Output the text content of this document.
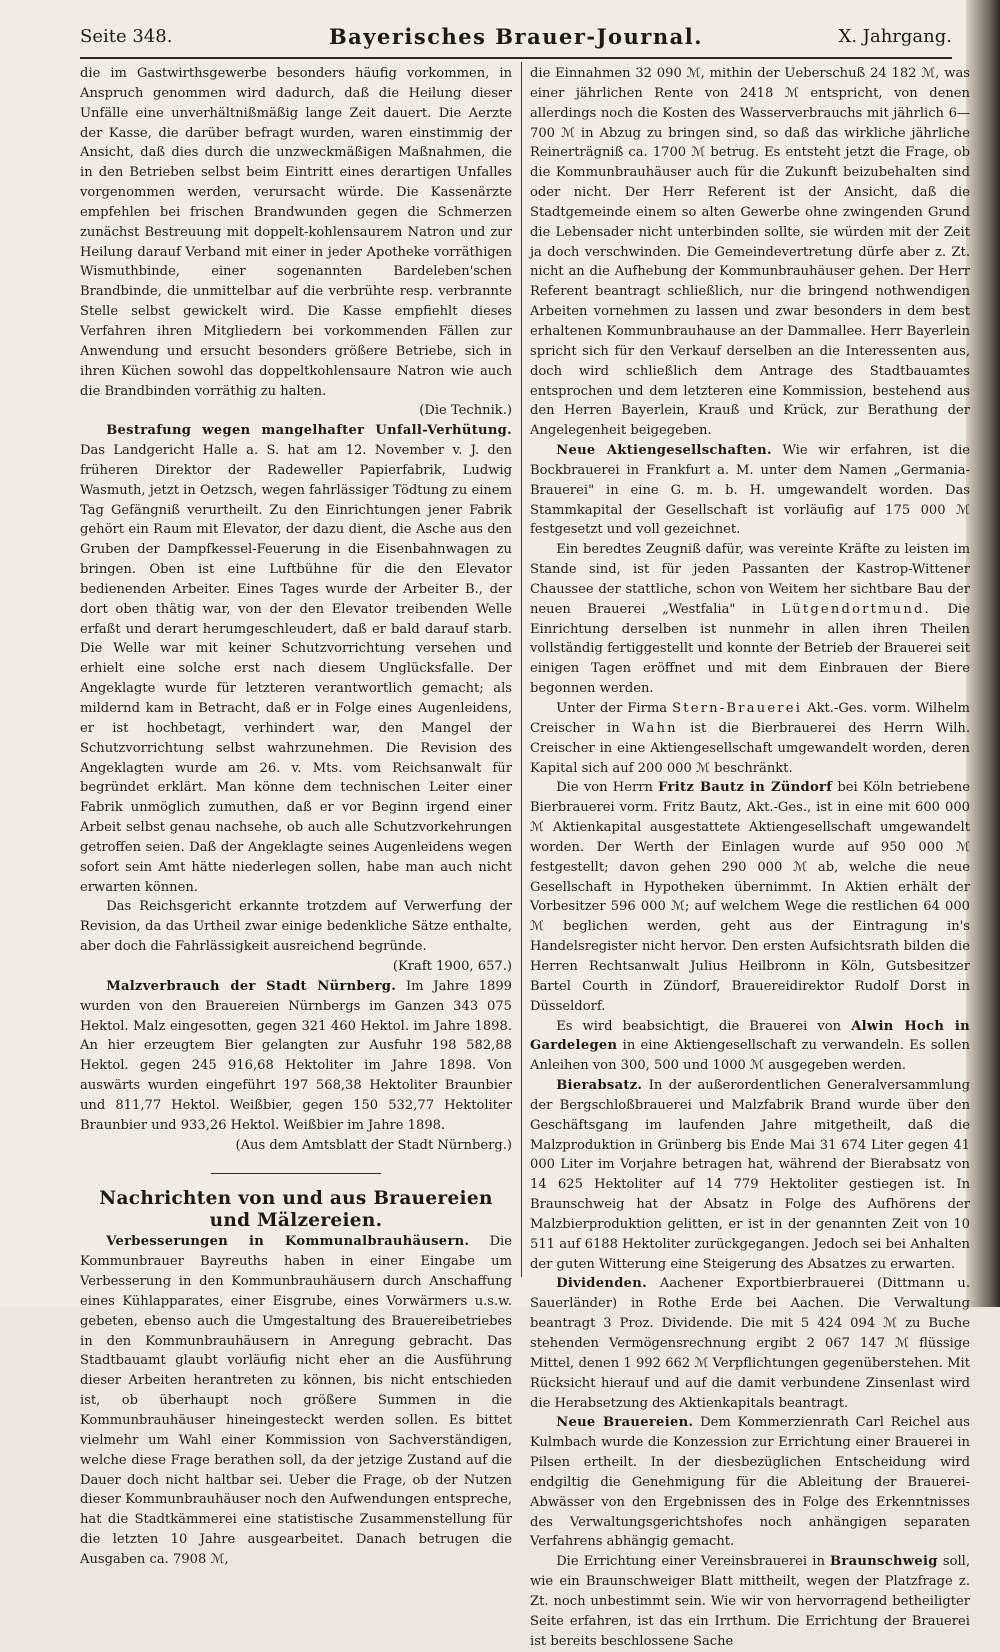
Seite 348.	Bayerisches Brauer-Journal.	X. Jahrgang.

die im Gastwirthsgewerbe besonders häufig vorkommen, in Anspruch genommen wird dadurch, daß die Heilung dieser Unfälle eine unverhältnißmäßig lange Zeit dauert. Die Aerzte der Kasse, die darüber befragt wurden, waren einstimmig der Ansicht, daß dies durch die unzweckmäßigen Maßnahmen, die in den Betrieben selbst beim Eintritt eines derartigen Unfalles vorgenommen werden, verursacht würde. Die Kassenärzte empfehlen bei frischen Brandwunden gegen die Schmerzen zunächst Bestreuung mit doppelt-kohlensaurem Natron und zur Heilung darauf Verband mit einer in jeder Apotheke vorräthigen Wismuthbinde, einer sogenannten Bardeleben'schen Brandbinde, die unmittelbar auf die verbrühte resp. verbrannte Stelle selbst gewickelt wird. Die Kasse empfiehlt dieses Verfahren ihren Mitgliedern bei vorkommenden Fällen zur Anwendung und ersucht besonders größere Betriebe, sich in ihren Küchen sowohl das doppeltkohlensaure Natron wie auch die Brandbinden vorräthig zu halten.

(Die Technik.)

Bestrafung wegen mangelhafter Unfall-Verhütung. Das Landgericht Halle a. S. hat am 12. November v. J. den früheren Direktor der Radeweller Papierfabrik, Ludwig Wasmuth, jetzt in Oetzsch, wegen fahrlässiger Tödtung zu einem Tag Gefängniß verurtheilt. Zu den Einrichtungen jener Fabrik gehört ein Raum mit Elevator, der dazu dient, die Asche aus den Gruben der Dampfkessel-Feuerung in die Eisenbahnwagen zu bringen. Oben ist eine Luftbühne für die den Elevator bedienenden Arbeiter. Eines Tages wurde der Arbeiter B., der dort oben thätig war, von der den Elevator treibenden Welle erfaßt und derart herumgeschleudert, daß er bald darauf starb. Die Welle war mit keiner Schutzvorrichtung versehen und erhielt eine solche erst nach diesem Unglücksfalle. Der Angeklagte wurde für letzteren verantwortlich gemacht; als mildernd kam in Betracht, daß er in Folge eines Augenleidens, er ist hochbetagt, verhindert war, den Mangel der Schutzvorrichtung selbst wahrzunehmen. Die Revision des Angeklagten wurde am 26. v. Mts. vom Reichsanwalt für begründet erklärt. Man könne dem technischen Leiter einer Fabrik unmöglich zumuthen, daß er vor Beginn irgend einer Arbeit selbst genau nachsehe, ob auch alle Schutzvorkehrungen getroffen seien. Daß der Angeklagte seines Augenleidens wegen sofort sein Amt hätte niederlegen sollen, habe man auch nicht erwarten können.

Das Reichsgericht erkannte trotzdem auf Verwerfung der Revision, da das Urtheil zwar einige bedenkliche Sätze enthalte, aber doch die Fahrlässigkeit ausreichend begründe.

(Kraft 1900, 657.)

Malzverbrauch der Stadt Nürnberg. Im Jahre 1899 wurden von den Brauereien Nürnbergs im Ganzen 343 075 Hektol. Malz eingesotten, gegen 321 460 Hektol. im Jahre 1898. An hier erzeugtem Bier gelangten zur Ausfuhr 198 582,88 Hektol. gegen 245 916,68 Hektoliter im Jahre 1898. Von auswärts wurden eingeführt 197 568,38 Hektoliter Braunbier und 811,77 Hektol. Weißbier, gegen 150 532,77 Hektoliter Braunbier und 933,26 Hektol. Weißbier im Jahre 1898.

(Aus dem Amtsblatt der Stadt Nürnberg.)

Nachrichten von und aus Brauereien und Mälzereien.

Verbesserungen in Kommunalbrauhäusern. Die Kommunbrauer Bayreuths haben in einer Eingabe um Verbesserung in den Kommunbrauhäusern durch Anschaffung eines Kühlapparates, einer Eisgrube, eines Vorwärmers u.s.w. gebeten, ebenso auch die Umgestaltung des Brauereibetriebes in den Kommunbrauhäusern in Anregung gebracht. Das Stadtbauamt glaubt vorläufig nicht eher an die Ausführung dieser Arbeiten herantreten zu können, bis nicht entschieden ist, ob überhaupt noch größere Summen in die Kommunbrauhäuser hineingesteckt werden sollen. Es bittet vielmehr um Wahl einer Kommission von Sachverständigen, welche diese Frage berathen soll, da der jetzige Zustand auf die Dauer doch nicht haltbar sei. Ueber die Frage, ob der Nutzen dieser Kommunbrauhäuser noch den Aufwendungen entspreche, hat die Stadtkämmerei eine statistische Zusammenstellung für die letzten 10 Jahre ausgearbeitet. Danach betrugen die Ausgaben ca. 7908 ℳ,

die Einnahmen 32 090 ℳ, mithin der Ueberschuß 24 182 ℳ, was einer jährlichen Rente von 2418 ℳ entspricht, von denen allerdings noch die Kosten des Wasserverbrauchs mit jährlich 6—700 ℳ in Abzug zu bringen sind, so daß das wirkliche jährliche Reinerträgniß ca. 1700 ℳ betrug. Es entsteht jetzt die Frage, ob die Kommunbrauhäuser auch für die Zukunft beizubehalten sind oder nicht. Der Herr Referent ist der Ansicht, daß die Stadtgemeinde einem so alten Gewerbe ohne zwingenden Grund die Lebensader nicht unterbinden sollte, sie würden mit der Zeit ja doch verschwinden. Die Gemeindevertretung dürfe aber z. Zt. nicht an die Aufhebung der Kommunbrauhäuser gehen. Der Herr Referent beantragt schließlich, nur die bringend nothwendigen Arbeiten vornehmen zu lassen und zwar besonders in dem best erhaltenen Kommunbrauhause an der Dammallee. Herr Bayerlein spricht sich für den Verkauf derselben an die Interessenten aus, doch wird schließlich dem Antrage des Stadtbauamtes entsprochen und dem letzteren eine Kommission, bestehend aus den Herren Bayerlein, Krauß und Krück, zur Berathung der Angelegenheit beigegeben.

Neue Aktiengesellschaften. Wie wir erfahren, ist die Bockbrauerei in Frankfurt a. M. unter dem Namen „Germania-Brauerei" in eine G. m. b. H. umgewandelt worden. Das Stammkapital der Gesellschaft ist vorläufig auf 175 000 ℳ festgesetzt und voll gezeichnet.

Ein beredtes Zeugniß dafür, was vereinte Kräfte zu leisten im Stande sind, ist für jeden Passanten der Kastrop-Wittener Chaussee der stattliche, schon von Weitem her sichtbare Bau der neuen Brauerei „Westfalia" in Lütgendortmund. Die Einrichtung derselben ist nunmehr in allen ihren Theilen vollständig fertiggestellt und konnte der Betrieb der Brauerei seit einigen Tagen eröffnet und mit dem Einbrauen der Biere begonnen werden.

Unter der Firma Stern-Brauerei Akt.-Ges. vorm. Wilhelm Creischer in Wahn ist die Bierbrauerei des Herrn Wilh. Creischer in eine Aktiengesellschaft umgewandelt worden, deren Kapital sich auf 200 000 ℳ beschränkt.

Die von Herrn Fritz Bautz in Zündorf bei Köln betriebene Bierbrauerei vorm. Fritz Bautz, Akt.-Ges., ist in eine mit 600 000 ℳ Aktienkapital ausgestattete Aktiengesellschaft umgewandelt worden. Der Werth der Einlagen wurde auf 950 000 ℳ festgestellt; davon gehen 290 000 ℳ ab, welche die neue Gesellschaft in Hypotheken übernimmt. In Aktien erhält der Vorbesitzer 596 000 ℳ; auf welchem Wege die restlichen 64 000 ℳ beglichen werden, geht aus der Eintragung in's Handelsregister nicht hervor. Den ersten Aufsichtsrath bilden die Herren Rechtsanwalt Julius Heilbronn in Köln, Gutsbesitzer Bartel Courth in Zündorf, Brauereidirektor Rudolf Dorst in Düsseldorf.

Es wird beabsichtigt, die Brauerei von Alwin Hoch in Gardelegen in eine Aktiengesellschaft zu verwandeln. Es sollen Anleihen von 300, 500 und 1000 ℳ ausgegeben werden.

Bierabsatz. In der außerordentlichen Generalversammlung der Bergschloßbrauerei und Malzfabrik Brand wurde über den Geschäftsgang im laufenden Jahre mitgetheilt, daß die Malzproduktion in Grünberg bis Ende Mai 31 674 Liter gegen 41 000 Liter im Vorjahre betragen hat, während der Bierabsatz von 14 625 Hektoliter auf 14 779 Hektoliter gestiegen ist. In Braunschweig hat der Absatz in Folge des Aufhörens der Malzbierproduktion gelitten, er ist in der genannten Zeit von 10 511 auf 6188 Hektoliter zurückgegangen. Jedoch sei bei Anhalten der guten Witterung eine Steigerung des Absatzes zu erwarten.

Dividenden. Aachener Exportbierbrauerei (Dittmann u. Sauerländer) in Rothe Erde bei Aachen. Die Verwaltung beantragt 3 Proz. Dividende. Die mit 5 424 094 ℳ zu Buche stehenden Vermögensrechnung ergibt 2 067 147 ℳ flüssige Mittel, denen 1 992 662 ℳ Verpflichtungen gegenüberstehen. Mit Rücksicht hierauf und auf die damit verbundene Zinsenlast wird die Herabsetzung des Aktienkapitals beantragt.

Neue Brauereien. Dem Kommerzienrath Carl Reichel aus Kulmbach wurde die Konzession zur Errichtung einer Brauerei in Pilsen ertheilt. In der diesbezüglichen Entscheidung wird endgiltig die Genehmigung für die Ableitung der Brauerei-Abwässer von den Ergebnissen des in Folge des Erkenntnisses des Verwaltungsgerichtshofes noch anhängigen separaten Verfahrens abhängig gemacht.

Die Errichtung einer Vereinsbrauerei in Braunschweig soll, wie ein Braunschweiger Blatt mittheilt, wegen der Platzfrage z. Zt. noch unbestimmt sein. Wie wir von hervorragend betheiligter Seite erfahren, ist das ein Irrthum. Die Errichtung der Brauerei ist bereits beschlossene Sache
